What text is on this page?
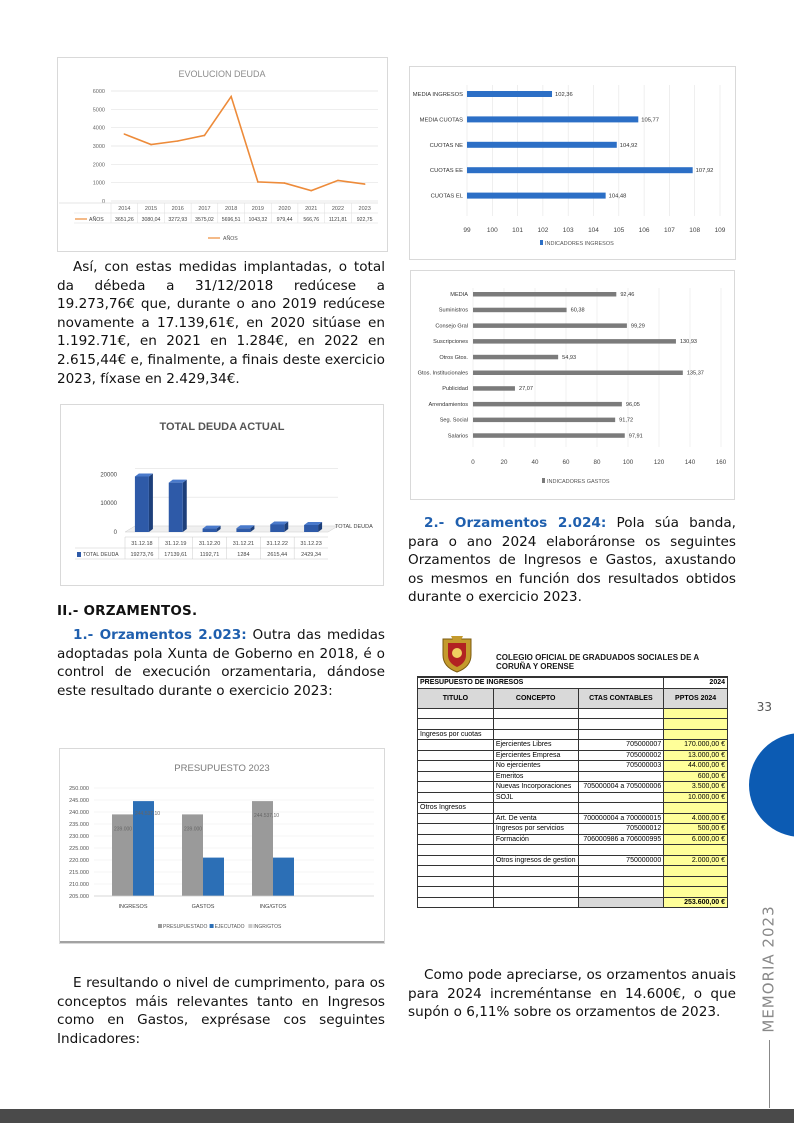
EVOLUCION DEUDA
0
1000
2000
3000
4000
5000
6000
2014
3651,26
2015
3080,04
2016
3272,93
2017
3575,02
2018
5696,51
2019
1043,32
2020
979,44
2021
566,76
2022
1121,81
2023
922,75
AÑOS
AÑOS
Así, con estas medidas implantadas, o total da débeda a 31/12/2018 redúcese a 19.273,76€ que, durante o ano 2019 redúcese novamente a 17.139,61€, en 2020 sitúase en 1.192.71€, en 2021 en 1.284€, en 2022 en 2.615,44€ e, finalmente, a finais deste exercicio 2023, fíxase en 2.429,34€.
TOTAL DEUDA ACTUAL
0
10000
20000
TOTAL DEUDA
31.12.18
19273,76
31.12.19
17139,61
31.12.20
1192,71
31.12.21
1284
31.12.22
2615,44
31.12.23
2429,34
TOTAL DEUDA
II.- ORZAMENTOS.
1.- Orzamentos 2.023: Outra das medidas adoptadas pola Xunta de Goberno en 2018, é o control de execución orzamentaria, dándose este resultado durante o exercicio 2023:
PRESUPUESTO 2023
205.000
210.000
215.000
220.000
225.000
230.000
235.000
240.000
245.000
250.000
239.000
244.537,10
INGRESOS
239.000
GASTOS
244.537,10
ING/GTOS
PRESUPUESTADO EJECUTADO INGR/GTOS
E resultando o nivel de cumprimento, para os conceptos máis relevantes tanto en Ingresos como en Gastos, exprésase cos seguintes Indicadores:
99	100 101 102 103 104 105 106 107 108 109
MEDIA INGRESOS	102,36
MEDIA CUOTAS	105,77
CUOTAS NE	104,92
CUOTAS EE	107,92
CUOTAS EL	104,48
INDICADORES INGRESOS
0	20	40	60	80	100	120	140	160
MEDIA	92,46
Suministros	60,38
Consejo Gral	99,29
Suscripciones	130,93
Otros Gtos.	54,93
Gtos. Institucionales	135,37
Publicidad	27,07
Arrendamientos	96,05
Seg. Social	91,72
Salarios	97,91
INDICADORES GASTOS
2.- Orzamentos 2.024: Pola súa banda, para o ano 2024 elaboráronse os seguintes Orzamentos de Ingresos e Gastos, axustando os mesmos en función dos resultados obtidos durante o exercicio 2023.
COLEGIO OFICIAL DE GRADUADOS SOCIALES DE A CORUÑA Y ORENSE
PRESUPUESTO DE INGRESOS			2024
TITULO	CONCEPTO	CTAS CONTABLES	PPTOS 2024

Ingresos por cuotas			
	Ejercientes Libres	705000007	170.000,00 €
	Ejercientes Empresa	705000002	13.000,00 €
	No ejercientes	705000003	44.000,00 €
	Emeritos		600,00 €
	Nuevas Incorporaciones	705000004 a 705000006	3.500,00 €
	SOJL		10.000,00 €
Otros Ingresos			
	Art. De venta	700000004 a 700000015	4.000,00 €
	Ingresos por servicios	705000012	500,00 €
	Formación	706000986 a 706000995	6.000,00 €

	Otros ingresos de gestion	750000000	2.000,00 €

			253.600,00 €
Como pode apreciarse, os orzamentos anuais para 2024 increméntanse en 14.600€, o que supón o 6,11% sobre os orzamentos de 2023.
33
MEMORIA 2023
